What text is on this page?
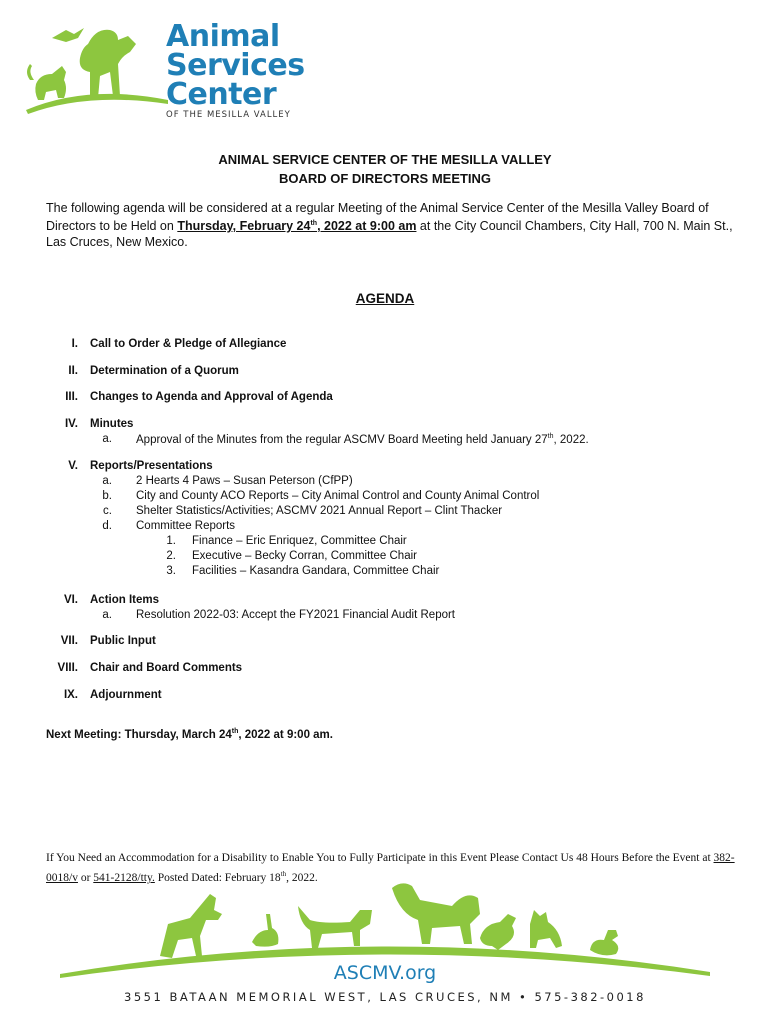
Animal
Services
Center
OF THE MESILLA VALLEY
ANIMAL SERVICE CENTER OF THE MESILLA VALLEY
BOARD OF DIRECTORS MEETING
The following agenda will be considered at a regular Meeting of the Animal Service Center of the Mesilla Valley Board of Directors to be Held on Thursday, February 24th, 2022 at 9:00 am at the City Council Chambers, City Hall, 700 N. Main St., Las Cruces, New Mexico.
AGENDA
I. Call to Order & Pledge of Allegiance
II. Determination of a Quorum
III. Changes to Agenda and Approval of Agenda
IV. Minutes
a. Approval of the Minutes from the regular ASCMV Board Meeting held January 27th, 2022.
V. Reports/Presentations
a. 2 Hearts 4 Paws – Susan Peterson (CfPP)
b. City and County ACO Reports – City Animal Control and County Animal Control
c. Shelter Statistics/Activities; ASCMV 2021 Annual Report – Clint Thacker
d. Committee Reports
1. Finance – Eric Enriquez, Committee Chair
2. Executive – Becky Corran, Committee Chair
3. Facilities – Kasandra Gandara, Committee Chair
VI. Action Items
a. Resolution 2022-03: Accept the FY2021 Financial Audit Report
VII. Public Input
VIII. Chair and Board Comments
IX. Adjournment
Next Meeting: Thursday, March 24th, 2022 at 9:00 am.
If You Need an Accommodation for a Disability to Enable You to Fully Participate in this Event Please Contact Us 48 Hours Before the Event at 382-0018/v or 541-2128/tty. Posted Dated: February 18th, 2022.
ASCMV.org
3551 BATAAN MEMORIAL WEST, LAS CRUCES, NM • 575-382-0018
